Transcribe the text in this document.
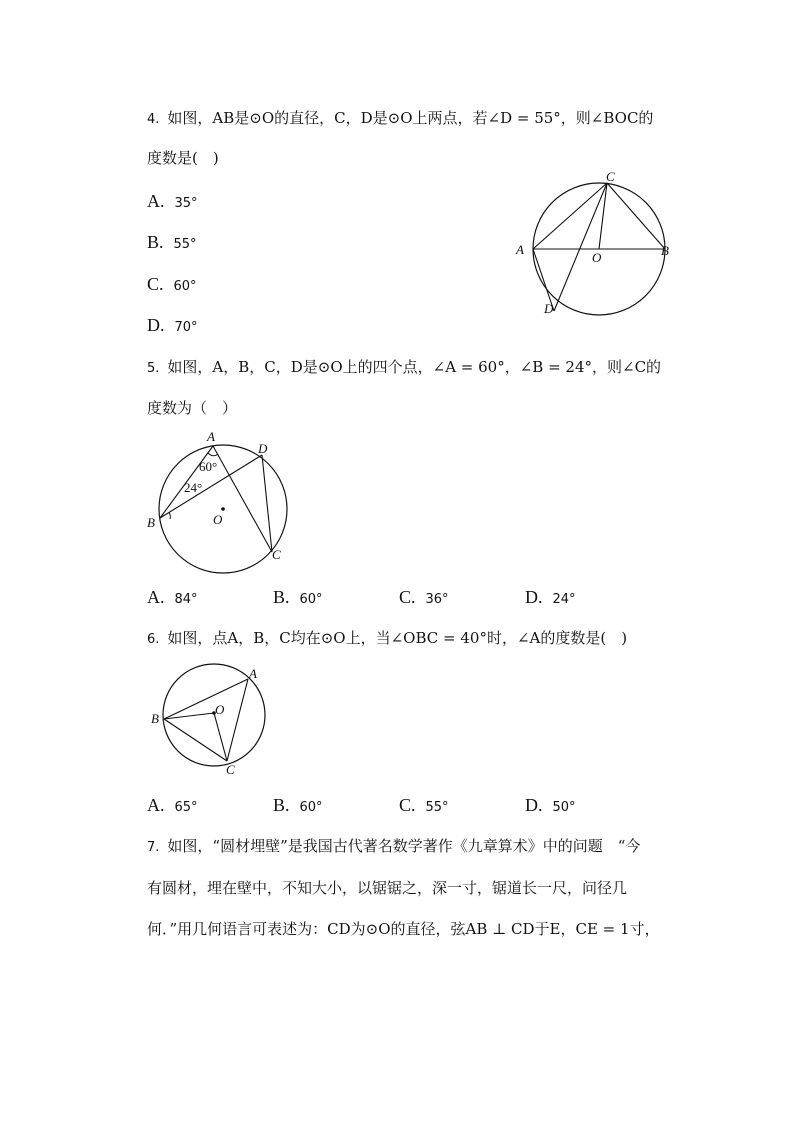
4. 如图，AB是⊙O的直径，C，D是⊙O上两点，若∠D = 55°，则∠BOC的
度数是(　)
A. 35°
B. 55°
C. 60°
D. 70°
C
A	B
O
D
5. 如图，A，B，C，D是⊙O上的四个点，∠A = 60°，∠B = 24°，则∠C的
度数为（　）
A
D
B
C
O
60°
24°
A. 84°	B. 60°	C. 36°	D. 24°
6. 如图，点A，B，C均在⊙O上，当∠OBC = 40°时，∠A的度数是(　)
A
B
C
O
A. 65°	B. 60°	C. 55°	D. 50°
7. 如图，“圆材埋壁”是我国古代著名数学著作《九章算术》中的问题　“今
有圆材，埋在壁中，不知大小，以锯锯之，深一寸，锯道长一尺，问径几
何．”用几何语言可表述为：CD为⊙O的直径，弦AB ⊥ CD于E，CE = 1寸，
